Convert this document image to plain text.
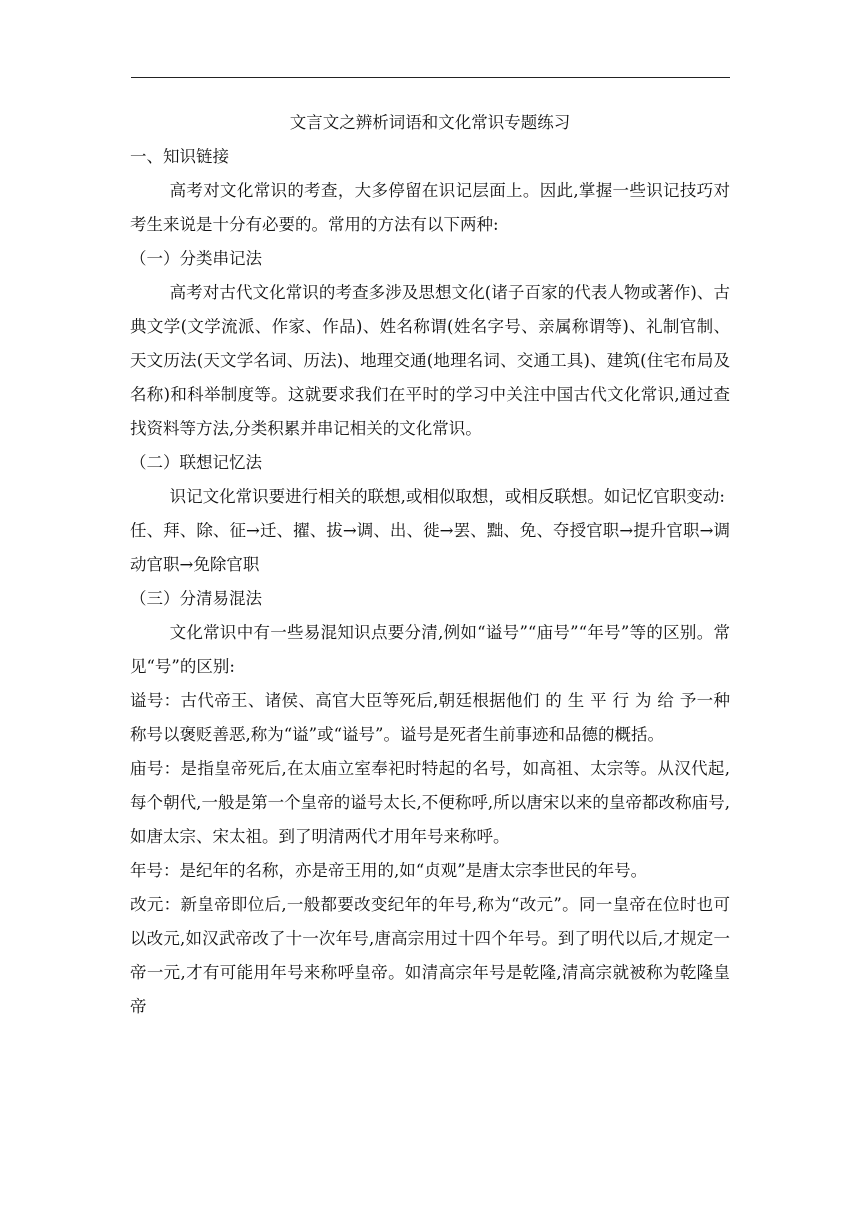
文言文之辨析词语和文化常识专题练习
一、知识链接

高考对文化常识的考查，大多停留在识记层面上。因此,掌握一些识记技巧对考生来说是十分有必要的。常用的方法有以下两种:

（一）分类串记法

高考对古代文化常识的考查多涉及思想文化(诸子百家的代表人物或著作)、古典文学(文学流派、作家、作品)、姓名称谓(姓名字号、亲属称谓等)、礼制官制、天文历法(天文学名词、历法)、地理交通(地理名词、交通工具)、建筑(住宅布局及名称)和科举制度等。这就要求我们在平时的学习中关注中国古代文化常识,通过查找资料等方法,分类积累并串记相关的文化常识。

（二）联想记忆法

识记文化常识要进行相关的联想,或相似取想，或相反联想。如记忆官职变动:

任、拜、除、征→迁、擢、拔→调、出、徙→罢、黜、免、夺授官职→提升官职→调动官职→免除官职

（三）分清易混法

文化常识中有一些易混知识点要分清,例如“谥号”“庙号”“年号”等的区别。常见“号”的区别:

谥号：古代帝王、诸侯、高官大臣等死后,朝廷根据他们 的 生 平 行 为 给 予一种称号以褒贬善恶,称为“谥”或“谥号”。谥号是死者生前事迹和品德的概括。

庙号：是指皇帝死后,在太庙立室奉祀时特起的名号，如高祖、太宗等。从汉代起,每个朝代,一般是第一个皇帝的谥号太长,不便称呼,所以唐宋以来的皇帝都改称庙号,如唐太宗、宋太祖。到了明清两代才用年号来称呼。

年号：是纪年的名称，亦是帝王用的,如“贞观”是唐太宗李世民的年号。

改元：新皇帝即位后,一般都要改变纪年的年号,称为“改元”。同一皇帝在位时也可以改元,如汉武帝改了十一次年号,唐高宗用过十四个年号。到了明代以后,才规定一帝一元,才有可能用年号来称呼皇帝。如清高宗年号是乾隆,清高宗就被称为乾隆皇帝
